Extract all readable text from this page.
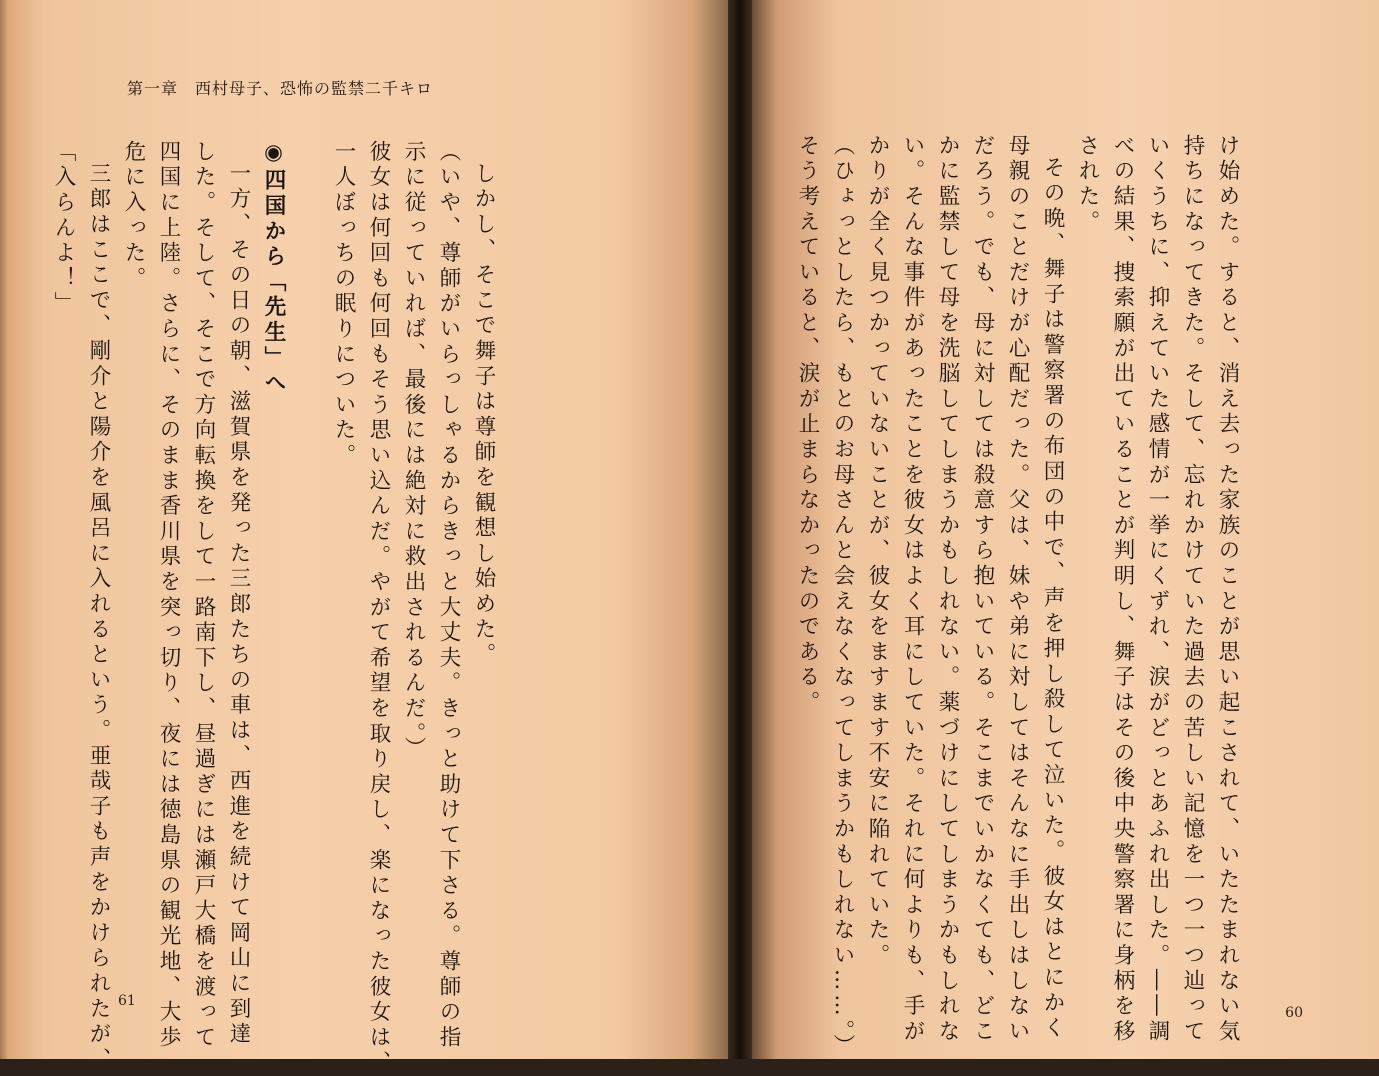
第一章　西村母子、恐怖の監禁二千キロ

しかし、そこで舞子は尊師を観想し始めた。

（いや、尊師がいらっしゃるからきっと大丈夫。きっと助けて下さる。尊師の指

示に従っていれば、最後には絶対に救出されるんだ。）

彼女は何回も何回もそう思い込んだ。やがて希望を取り戻し、楽になった彼女は、

一人ぼっちの眠りについた。

◉四国から「先生」へ

一方、その日の朝、滋賀県を発った三郎たちの車は、西進を続けて岡山に到達

した。そして、そこで方向転換をして一路南下し、昼過ぎには瀬戸大橋を渡って

四国に上陸。さらに、そのまま香川県を突っ切り、夜には徳島県の観光地、大歩

危に入った。

三郎はここで、剛介と陽介を風呂に入れるという。亜哉子も声をかけられたが、

「入らんよ！」

61	け始めた。すると、消え去った家族のことが思い起こされて、いたたまれない気

持ちになってきた。そして、忘れかけていた過去の苦しい記憶を一つ一つ辿って

いくうちに、抑えていた感情が一挙にくずれ、涙がどっとあふれ出した。――調

べの結果、捜索願が出ていることが判明し、舞子はその後中央警察署に身柄を移

された。

その晩、舞子は警察署の布団の中で、声を押し殺して泣いた。彼女はとにかく

母親のことだけが心配だった。父は、妹や弟に対してはそんなに手出しはしない

だろう。でも、母に対しては殺意すら抱いている。そこまでいかなくても、どこ

かに監禁して母を洗脳してしまうかもしれない。薬づけにしてしまうかもしれな

い。そんな事件があったことを彼女はよく耳にしていた。それに何よりも、手が

かりが全く見つかっていないことが、彼女をますます不安に陥れていた。

（ひょっとしたら、もとのお母さんと会えなくなってしまうかもしれない……。）

そう考えていると、涙が止まらなかったのである。

60
